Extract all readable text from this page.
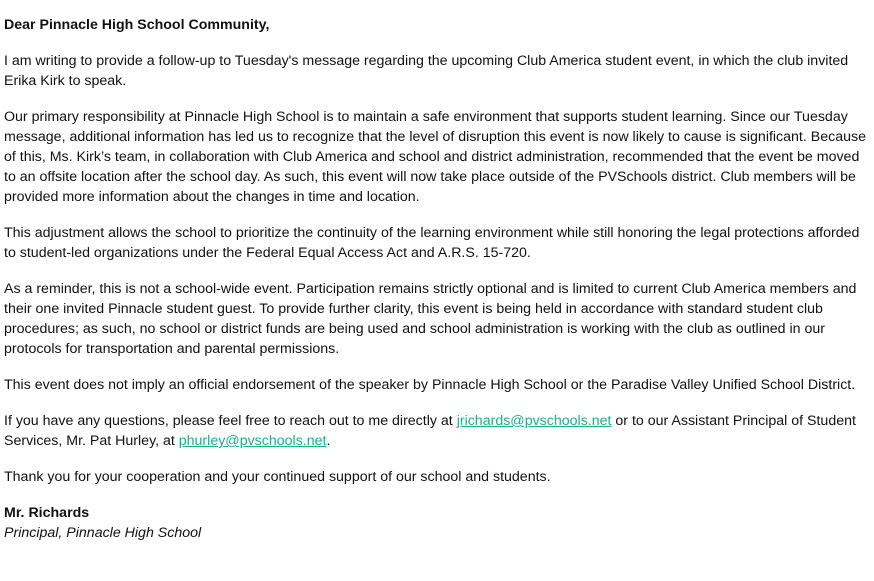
Dear Pinnacle High School Community,

I am writing to provide a follow-up to Tuesday's message regarding the upcoming Club America student event, in which the club invited Erika Kirk to speak.

Our primary responsibility at Pinnacle High School is to maintain a safe environment that supports student learning. Since our Tuesday message, additional information has led us to recognize that the level of disruption this event is now likely to cause is significant. Because of this, Ms. Kirk’s team, in collaboration with Club America and school and district administration, recommended that the event be moved to an offsite location after the school day. As such, this event will now take place outside of the PVSchools district. Club members will be provided more information about the changes in time and location.

This adjustment allows the school to prioritize the continuity of the learning environment while still honoring the legal protections afforded to student-led organizations under the Federal Equal Access Act and A.R.S. 15-720.

As a reminder, this is not a school-wide event. Participation remains strictly optional and is limited to current Club America members and their one invited Pinnacle student guest. To provide further clarity, this event is being held in accordance with standard student club procedures; as such, no school or district funds are being used and school administration is working with the club as outlined in our protocols for transportation and parental permissions.

This event does not imply an official endorsement of the speaker by Pinnacle High School or the Paradise Valley Unified School District.

If you have any questions, please feel free to reach out to me directly at jrichards@pvschools.net or to our Assistant Principal of Student Services, Mr. Pat Hurley, at phurley@pvschools.net.

Thank you for your cooperation and your continued support of our school and students.

Mr. Richards

Principal, Pinnacle High School
